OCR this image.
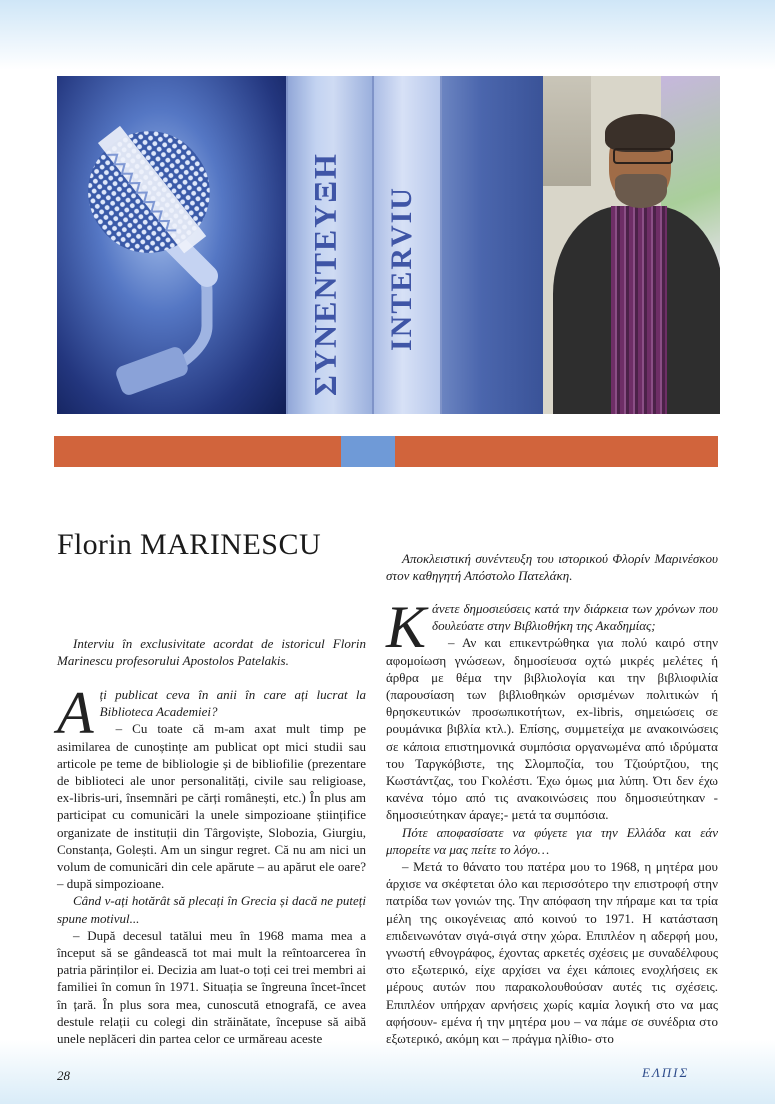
ΣΥΝΕΝΤΕΥΞΗ INTERVIU
Florin MARINESCU
Interviu în exclusivitate acordat de istoricul Florin Marinescu profesorului Apostolos Patelakis.
A ți publicat ceva în anii în care ați lucrat la Biblioteca Academiei?

– Cu toate că m-am axat mult timp pe asimilarea de cunoștințe am publicat opt mici studii sau articole pe teme de bibliologie și de bibliofilie (prezentare de biblioteci ale unor personalități, civile sau religioase, ex-libris-uri, însemnări pe cărți românești, etc.) În plus am participat cu comunicări la unele simpozioane științifice organizate de instituții din Târgoviște, Slobozia, Giurgiu, Constanța, Golești. Am un singur regret. Că nu am nici un volum de comunicări din cele apărute – au apărut ele oare? – după simpozioane.

Când v-ați hotărât să plecați în Grecia și dacă ne puteți spune motivul...

– După decesul tatălui meu în 1968 mama mea a început să se gândească tot mai mult la reîntoarcerea în patria părinților ei. Decizia am luat-o toți cei trei membri ai familiei în comun în 1971. Situația se îngreuna încet-încet în țară. În plus sora mea, cunoscută etnografă, ce avea destule relații cu colegi din străinătate, începuse să aibă unele neplăceri din partea celor ce urmăreau aceste

Αποκλειστική συνέντευξη του ιστορικού Φλορίν Μαρινέσκου στον καθηγητή Απόστολο Πατελάκη.
Κ άνετε δημοσιεύσεις κατά την διάρκεια των χρόνων που δουλεύατε στην Βιβλιοθήκη της Ακαδημίας;

– Αν και επικεντρώθηκα για πολύ καιρό στην αφομοίωση γνώσεων, δημοσίευσα οχτώ μικρές μελέτες ή άρθρα με θέμα την βιβλιολογία και την βιβλιοφιλία (παρουσίαση των βιβλιοθηκών ορισμένων πολιτικών ή θρησκευτικών προσωπικοτήτων, ex-libris, σημειώσεις σε ρουμάνικα βιβλία κτλ.). Επίσης, συμμετείχα με ανακοινώσεις σε κάποια επιστημονικά συμπόσια οργανωμένα από ιδρύματα του Ταργκόβιστε, της Σλομποζία, του Τζιούρτζιου, της Κωστάντζας, του Γκολέστι. Έχω όμως μια λύπη. Ότι δεν έχω κανένα τόμο από τις ανακοινώσεις που δημοσιεύτηκαν - δημοσιεύτηκαν άραγε;- μετά τα συμπόσια.

Πότε αποφασίσατε να φύγετε για την Ελλάδα και εάν μπορείτε να μας πείτε το λόγο…

– Μετά το θάνατο του πατέρα μου το 1968, η μητέρα μου άρχισε να σκέφτεται όλο και περισσότερο την επιστροφή στην πατρίδα των γονιών της. Την απόφαση την πήραμε και τα τρία μέλη της οικογένειας από κοινού το 1971. Η κατάσταση επιδεινωνόταν σιγά-σιγά στην χώρα. Επιπλέον η αδερφή μου, γνωστή εθνογράφος, έχοντας αρκετές σχέσεις με συναδέλφους στο εξωτερικό, είχε αρχίσει να έχει κάποιες ενοχλήσεις εκ μέρους αυτών που παρακολουθούσαν αυτές τις σχέσεις. Επιπλέον υπήρχαν αρνήσεις χωρίς καμία λογική στο να μας αφήσουν- εμένα ή την μητέρα μου – να πάμε σε συνέδρια στο εξωτερικό, ακόμη και – πράγμα ηλίθιο- στο

28	ΕΛΠΙΣ
